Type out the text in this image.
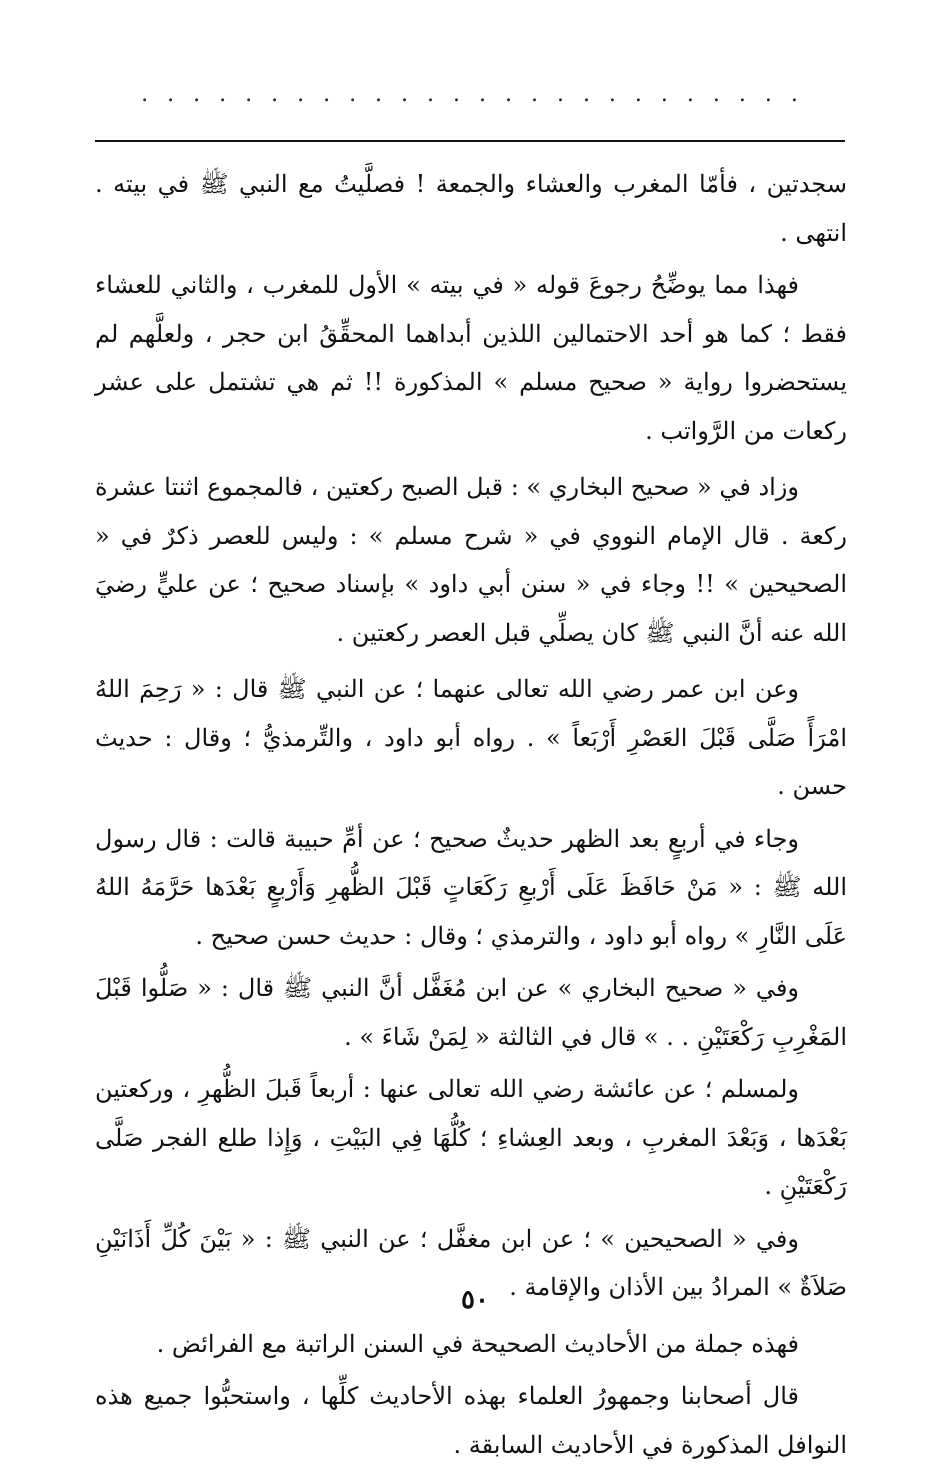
. . . . . . . . . . . . . . . . . . . . . . . . . .

سجدتين ، فأمّا المغرب والعشاء والجمعة ! فصلَّيتُ مع النبي ﷺ في بيته . انتهى .

فهذا مما يوضِّحُ رجوعَ قوله « في بيته » الأول للمغرب ، والثاني للعشاء فقط ؛ كما هو أحد الاحتمالين اللذين أبداهما المحقِّقُ ابن حجر ، ولعلَّهم لم يستحضروا رواية « صحيح مسلم » المذكورة !! ثم هي تشتمل على عشر ركعات من الرَّواتب .

وزاد في « صحيح البخاري » : قبل الصبح ركعتين ، فالمجموع اثنتا عشرة ركعة . قال الإمام النووي في « شرح مسلم » : وليس للعصر ذكرٌ في « الصحيحين » !! وجاء في « سنن أبي داود » بإسناد صحيح ؛ عن عليٍّ رضيَ الله عنه أنَّ النبي ﷺ كان يصلِّي قبل العصر ركعتين .

وعن ابن عمر رضي الله تعالى عنهما ؛ عن النبي ﷺ قال : « رَحِمَ اللهُ امْرَأً صَلَّى قَبْلَ العَصْرِ أَرْبَعاً » . رواه أبو داود ، والتِّرمذيُّ ؛ وقال : حديث حسن .

وجاء في أربعٍ بعد الظهر حديثٌ صحيح ؛ عن أمِّ حبيبة قالت : قال رسول الله ﷺ : « مَنْ حَافَظَ عَلَى أَرْبعِ رَكَعَاتٍ قَبْلَ الظُّهرِ وَأَرْبعٍ بَعْدَها حَرَّمَهُ اللهُ عَلَى النَّارِ » رواه أبو داود ، والترمذي ؛ وقال : حديث حسن صحيح .

وفي « صحيح البخاري » عن ابن مُغَفَّل أنَّ النبي ﷺ قال : « صَلُّوا قَبْلَ المَغْرِبِ رَكْعَتَيْنِ . . » قال في الثالثة « لِمَنْ شَاءَ » .

ولمسلم ؛ عن عائشة رضي الله تعالى عنها : أربعاً قَبلَ الظُّهرِ ، وركعتين بَعْدَها ، وَبَعْدَ المغربِ ، وبعد العِشاءِ ؛ كُلُّهَا فِي البَيْتِ ، وَإِذا طلع الفجر صَلَّى رَكْعَتَيْنِ .

وفي « الصحيحين » ؛ عن ابن مغفَّل ؛ عن النبي ﷺ : « بَيْنَ كُلِّ أَذَانَيْنِ صَلاَةٌ » المرادُ بين الأذان والإقامة .

فهذه جملة من الأحاديث الصحيحة في السنن الراتبة مع الفرائض .

قال أصحابنا وجمهورُ العلماء بهذه الأحاديث كلِّها ، واستحبُّوا جميع هذه النوافل المذكورة في الأحاديث السابقة .

٥٠
